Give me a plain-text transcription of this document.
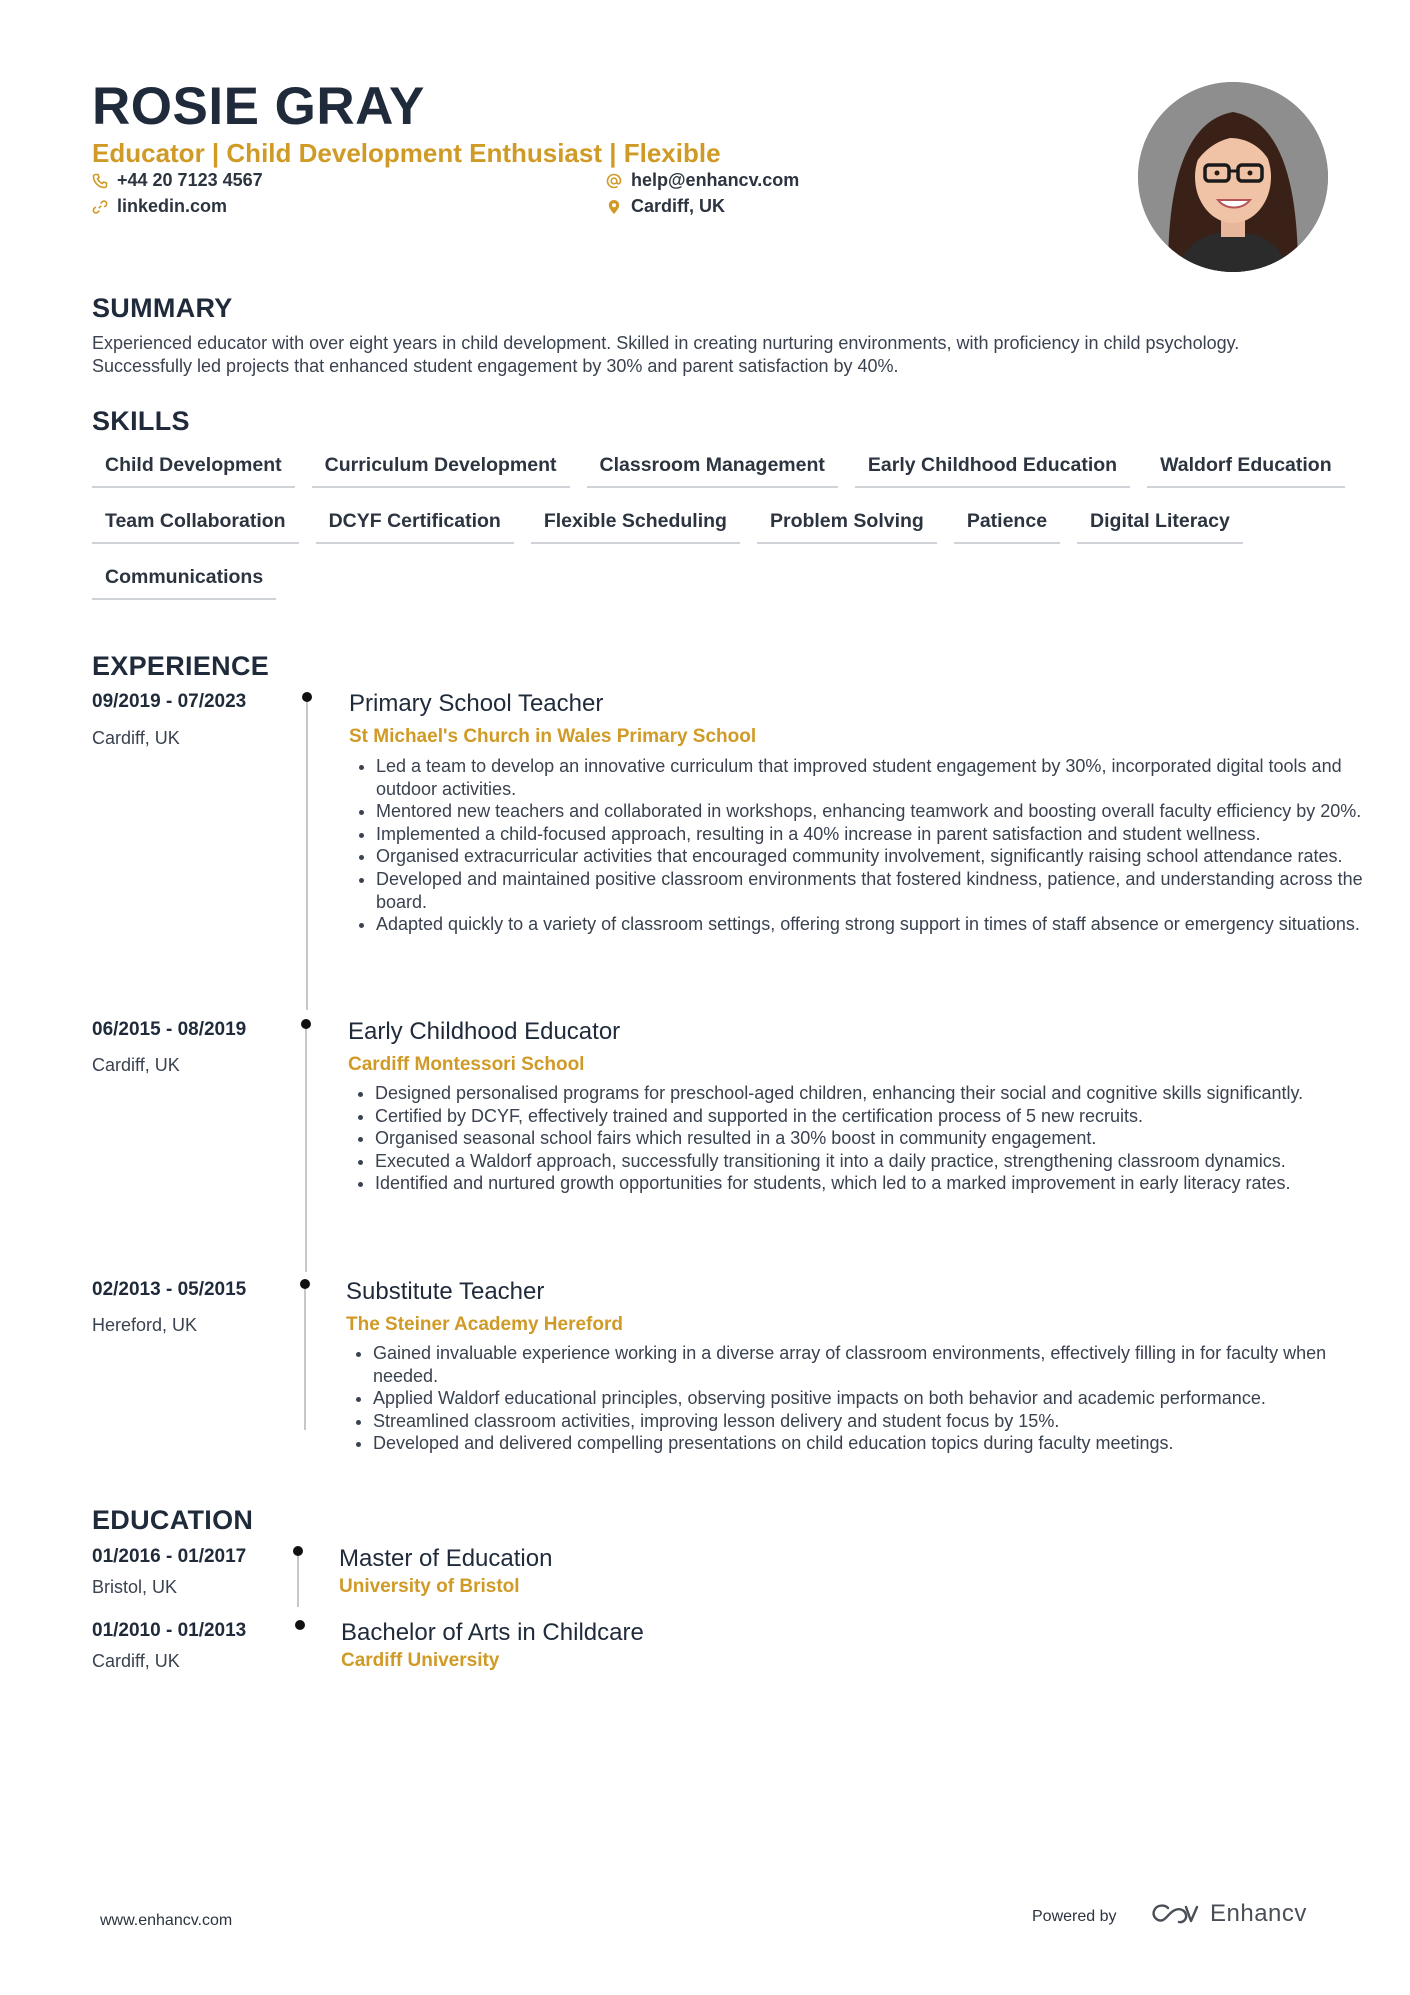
ROSIE GRAY
Educator | Child Development Enthusiast | Flexible
+44 20 7123 4567	help@enhancv.com
linkedin.com	Cardiff, UK
SUMMARY
Experienced educator with over eight years in child development. Skilled in creating nurturing environments, with proficiency in child psychology. Successfully led projects that enhanced student engagement by 30% and parent satisfaction by 40%.
SKILLS
Child Development	Curriculum Development	Classroom Management	Early Childhood Education	Waldorf Education
Team Collaboration	DCYF Certification	Flexible Scheduling	Problem Solving	Patience	Digital Literacy
Communications
EXPERIENCE
09/2019 - 07/2023
Cardiff, UK
Primary School Teacher
St Michael's Church in Wales Primary School
• Led a team to develop an innovative curriculum that improved student engagement by 30%, incorporated digital tools and outdoor activities.
• Mentored new teachers and collaborated in workshops, enhancing teamwork and boosting overall faculty efficiency by 20%.
• Implemented a child-focused approach, resulting in a 40% increase in parent satisfaction and student wellness.
• Organised extracurricular activities that encouraged community involvement, significantly raising school attendance rates.
• Developed and maintained positive classroom environments that fostered kindness, patience, and understanding across the board.
• Adapted quickly to a variety of classroom settings, offering strong support in times of staff absence or emergency situations.
06/2015 - 08/2019
Cardiff, UK
Early Childhood Educator
Cardiff Montessori School
• Designed personalised programs for preschool-aged children, enhancing their social and cognitive skills significantly.
• Certified by DCYF, effectively trained and supported in the certification process of 5 new recruits.
• Organised seasonal school fairs which resulted in a 30% boost in community engagement.
• Executed a Waldorf approach, successfully transitioning it into a daily practice, strengthening classroom dynamics.
• Identified and nurtured growth opportunities for students, which led to a marked improvement in early literacy rates.
02/2013 - 05/2015
Hereford, UK
Substitute Teacher
The Steiner Academy Hereford
• Gained invaluable experience working in a diverse array of classroom environments, effectively filling in for faculty when needed.
• Applied Waldorf educational principles, observing positive impacts on both behavior and academic performance.
• Streamlined classroom activities, improving lesson delivery and student focus by 15%.
• Developed and delivered compelling presentations on child education topics during faculty meetings.
EDUCATION
01/2016 - 01/2017
Bristol, UK
Master of Education
University of Bristol
01/2010 - 01/2013
Cardiff, UK
Bachelor of Arts in Childcare
Cardiff University
www.enhancv.com	Powered by	Enhancv
